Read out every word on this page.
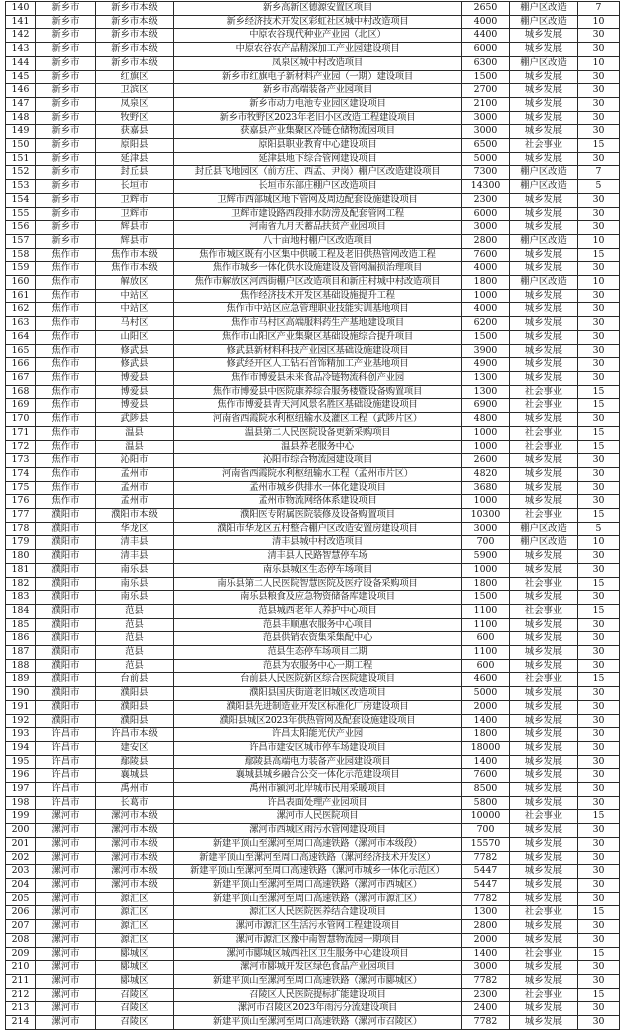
140	新乡市	新乡市本级	新乡高新区德源安置区项目	2650	棚户区改造	7
141	新乡市	新乡市本级	新乡经济技术开发区彩虹社区城中村改造项目	4000	棚户区改造	10
142	新乡市	新乡市本级	中原农谷现代种业产业园（北区）	4400	城乡发展	30
143	新乡市	新乡市本级	中原农谷农产品精深加工产业园建设项目	6000	城乡发展	30
144	新乡市	新乡市本级	凤泉区城中村改造项目	6300	棚户区改造	10
145	新乡市	红旗区	新乡市红旗电子新材料产业园（一期）建设项目	1500	城乡发展	30
146	新乡市	卫滨区	新乡市高端装备产业园项目	2700	城乡发展	30
147	新乡市	凤泉区	新乡市动力电池专业园区建设项目	2100	城乡发展	30
148	新乡市	牧野区	新乡市牧野区2023年老旧小区改造工程建设项目	3000	城乡发展	30
149	新乡市	获嘉县	获嘉县产业集聚区冷链仓储物流园项目	3000	城乡发展	30
150	新乡市	原阳县	原阳县职业教育中心建设项目	6500	社会事业	15
151	新乡市	延津县	延津县地下综合管网建设项目	5000	城乡发展	30
152	新乡市	封丘县	封丘县飞地园区（前方庄、西孟、尹岗）棚户区改造建设项目	7300	棚户区改造	7
153	新乡市	长垣市	长垣市东部庄棚户区改造项目	14300	棚户区改造	5
154	新乡市	卫辉市	卫辉市西部城区地下管网及周边配套设施建设项目	2300	城乡发展	30
155	新乡市	卫辉市	卫辉市建设路西段排水防涝及配套管网工程	6000	城乡发展	30
156	新乡市	辉县市	河南省九月天蓄品扶贫产业园项目	3000	城乡发展	30
157	新乡市	辉县市	八十亩地村棚户区改造项目	2800	棚户区改造	10
158	焦作市	焦作市本级	焦作市城区既有小区集中供暖工程及老旧供热管网改造工程	7600	城乡发展	15
159	焦作市	焦作市本级	焦作市城乡一体化供水设施建设及管网漏损治理项目	4000	城乡发展	30
160	焦作市	解放区	焦作市解放区河西街棚户区改造项目和新庄村城中村改造项目	1800	棚户区改造	10
161	焦作市	中站区	焦作经济技术开发区基础设施提升工程	1000	城乡发展	30
162	焦作市	中站区	焦作市中站区应急管理职业技能实训基地项目	4000	城乡发展	30
163	焦作市	马村区	焦作市马村区高端服料药生产基地建设项目	6200	城乡发展	30
164	焦作市	山阳区	焦作市山阳区产业集聚区基础设施综合提升项目	1500	城乡发展	30
165	焦作市	修武县	修武县新材料科技产业园区基础设施建设项目	3900	城乡发展	30
166	焦作市	修武县	修武经开区人工钻石首饰精加工产业基地项目	4900	城乡发展	30
167	焦作市	博爱县	焦作市博爱县未来食品冷链物流科创产业园	1300	城乡发展	30
168	焦作市	博爱县	焦作市博爱县中医院康养综合服务楼暨设备购置项目	1300	社会事业	15
169	焦作市	博爱县	焦作市博爱县青天河风景名胜区基础设施建设项目	6900	社会事业	15
170	焦作市	武陟县	河南省西霞院水利枢纽输水及灌区工程（武陟片区）	4800	城乡发展	30
171	焦作市	温县	温县第二人民医院设备更新采购项目	1000	社会事业	15
172	焦作市	温县	温县养老服务中心	1000	社会事业	15
173	焦作市	沁阳市	沁阳市综合物流园建设项目	2600	城乡发展	30
174	焦作市	孟州市	河南省西霞院水利枢纽输水工程（孟州市片区）	4820	城乡发展	30
175	焦作市	孟州市	孟州市城乡供排水一体化建设项目	3680	城乡发展	30
176	焦作市	孟州市	孟州市物流网络体系建设项目	1000	城乡发展	30
177	濮阳市	濮阳市本级	濮阳医专附属医院装修及设备购置项目	10300	社会事业	15
178	濮阳市	华龙区	濮阳市华龙区五村整合棚户区改造安置房建设项目	3000	棚户区改造	5
179	濮阳市	清丰县	清丰县城中村改造项目	700	棚户区改造	10
180	濮阳市	清丰县	清丰县人民路智慧停车场	5900	城乡发展	30
181	濮阳市	南乐县	南乐县城区生态停车场项目	1000	城乡发展	30
182	濮阳市	南乐县	南乐县第二人民医院智慧医院及医疗设备采购项目	1800	社会事业	15
183	濮阳市	南乐县	南乐县粮食及应急物资储备库建设项目	1500	城乡发展	30
184	濮阳市	范县	范县城西老年人养护中心项目	1100	社会事业	15
185	濮阳市	范县	范县丰顺惠农服务中心项目	1100	城乡发展	30
186	濮阳市	范县	范县供销农资集采集配中心	600	城乡发展	30
187	濮阳市	范县	范县生态停车场项目二期	1100	城乡发展	30
188	濮阳市	范县	范县为农服务中心一期工程	600	城乡发展	30
189	濮阳市	台前县	台前县人民医院新区综合医院建设项目	4600	社会事业	15
190	濮阳市	濮阳县	濮阳县国庆街道老旧城区改造项目	5000	城乡发展	30
191	濮阳市	濮阳县	濮阳县先进制造业开发区标准化厂房建设项目	2000	城乡发展	30
192	濮阳市	濮阳县	濮阳县城区2023年供热管网及配套设施建设项目	1400	城乡发展	30
193	许昌市	许昌市本级	许昌太阳能光伏产业园	1800	城乡发展	30
194	许昌市	建安区	许昌市建安区城市停车场建设项目	18000	城乡发展	30
195	许昌市	鄢陵县	鄢陵县高端电力装备产业园建设项目	1400	城乡发展	30
196	许昌市	襄城县	襄城县城乡融合公交一体化示范建设项目	7600	城乡发展	30
197	许昌市	禹州市	禹州市颍河北岸城市民用采暖项目	8500	城乡发展	30
198	许昌市	长葛市	许昌表面处理产业园项目	5800	城乡发展	30
199	漯河市	漯河市本级	漯河市人民医院项目	10000	社会事业	15
200	漯河市	漯河市本级	漯河市西城区雨污水管网建设项目	700	城乡发展	30
201	漯河市	漯河市本级	新建平顶山至漯河至周口高速铁路（漯河市本级段）	15570	城乡发展	30
202	漯河市	漯河市本级	新建平顶山至漯河至周口高速铁路（漯河经济技术开发区）	7782	城乡发展	30
203	漯河市	漯河市本级	新建平顶山至漯河至周口高速铁路（漯河市城乡一体化示范区）	5447	城乡发展	30
204	漯河市	漯河市本级	新建平顶山至漯河至周口高速铁路（漯河市西城区）	5447	城乡发展	30
205	漯河市	源汇区	新建平顶山至漯河至周口高速铁路（漯河市源汇区）	7782	城乡发展	30
206	漯河市	源汇区	源汇区人民医院医养结合建设项目	1300	社会事业	15
207	漯河市	源汇区	漯河市源汇区生活污水管网工程建设项目	2800	城乡发展	30
208	漯河市	源汇区	漯河市源汇区豫中南智慧物流园一期项目	2000	城乡发展	30
209	漯河市	郾城区	漯河市郾城区城西社区卫生服务中心建设项目	1400	社会事业	15
210	漯河市	郾城区	漯河市郾城开发区绿色食品产业园项目	3000	城乡发展	30
211	漯河市	郾城区	新建平顶山至漯河至周口高速铁路（漯河市郾城区）	7782	城乡发展	30
212	漯河市	召陵区	召陵区人民医院提标扩能建设项目	2300	社会事业	15
213	漯河市	召陵区	漯河市召陵区2023年雨污分流建设项目	2400	城乡发展	30
214	漯河市	召陵区	新建平顶山至漯河至周口高速铁路（漯河市召陵区）	7782	城乡发展	30
